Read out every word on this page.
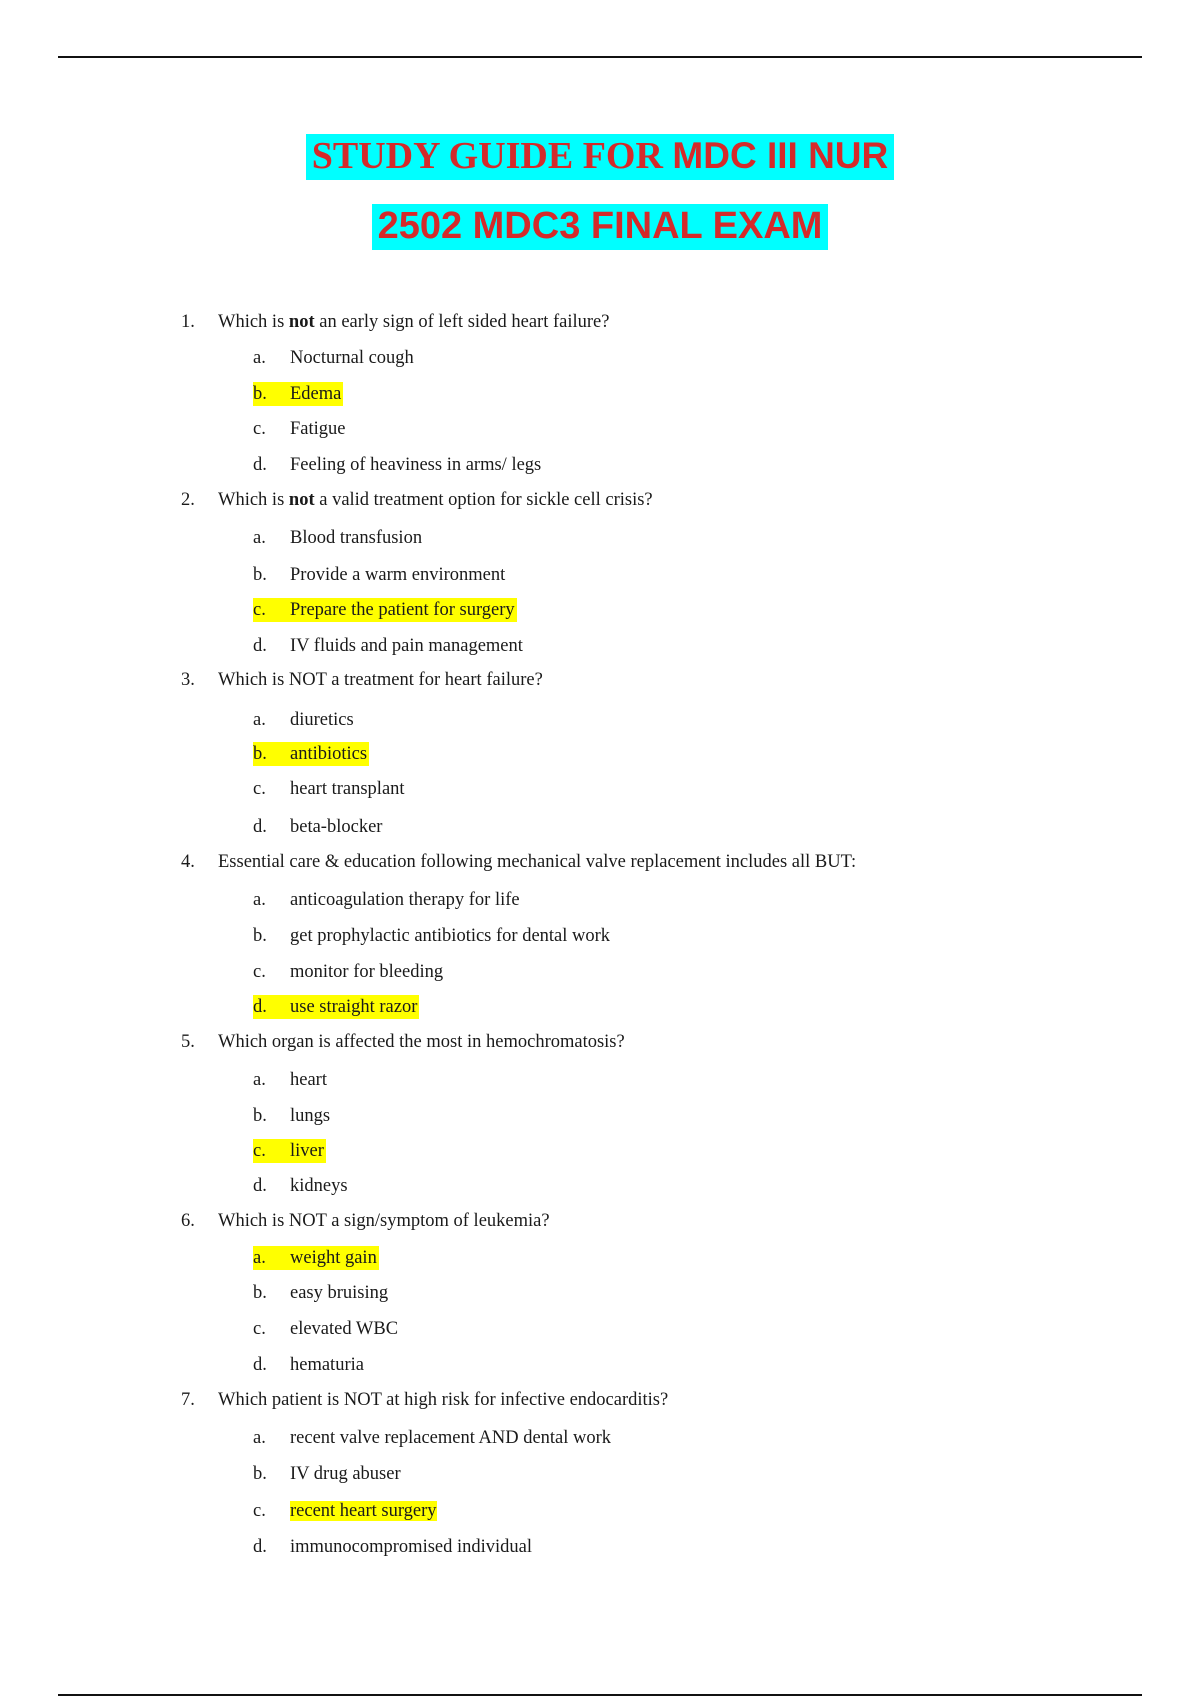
STUDY GUIDE FOR MDC III NUR
2502 MDC3 FINAL EXAM
1. Which is not an early sign of left sided heart failure?
a. Nocturnal cough
b. Edema
c. Fatigue
d. Feeling of heaviness in arms/ legs
2. Which is not a valid treatment option for sickle cell crisis?
a. Blood transfusion
b. Provide a warm environment
c. Prepare the patient for surgery
d. IV fluids and pain management
3. Which is NOT a treatment for heart failure?
a. diuretics
b. antibiotics
c. heart transplant
d. beta-blocker
4. Essential care & education following mechanical valve replacement includes all BUT:
a. anticoagulation therapy for life
b. get prophylactic antibiotics for dental work
c. monitor for bleeding
d. use straight razor
5. Which organ is affected the most in hemochromatosis?
a. heart
b. lungs
c. liver
d. kidneys
6. Which is NOT a sign/symptom of leukemia?
a. weight gain
b. easy bruising
c. elevated WBC
d. hematuria
7. Which patient is NOT at high risk for infective endocarditis?
a. recent valve replacement AND dental work
b. IV drug abuser
c. recent heart surgery
d. immunocompromised individual
